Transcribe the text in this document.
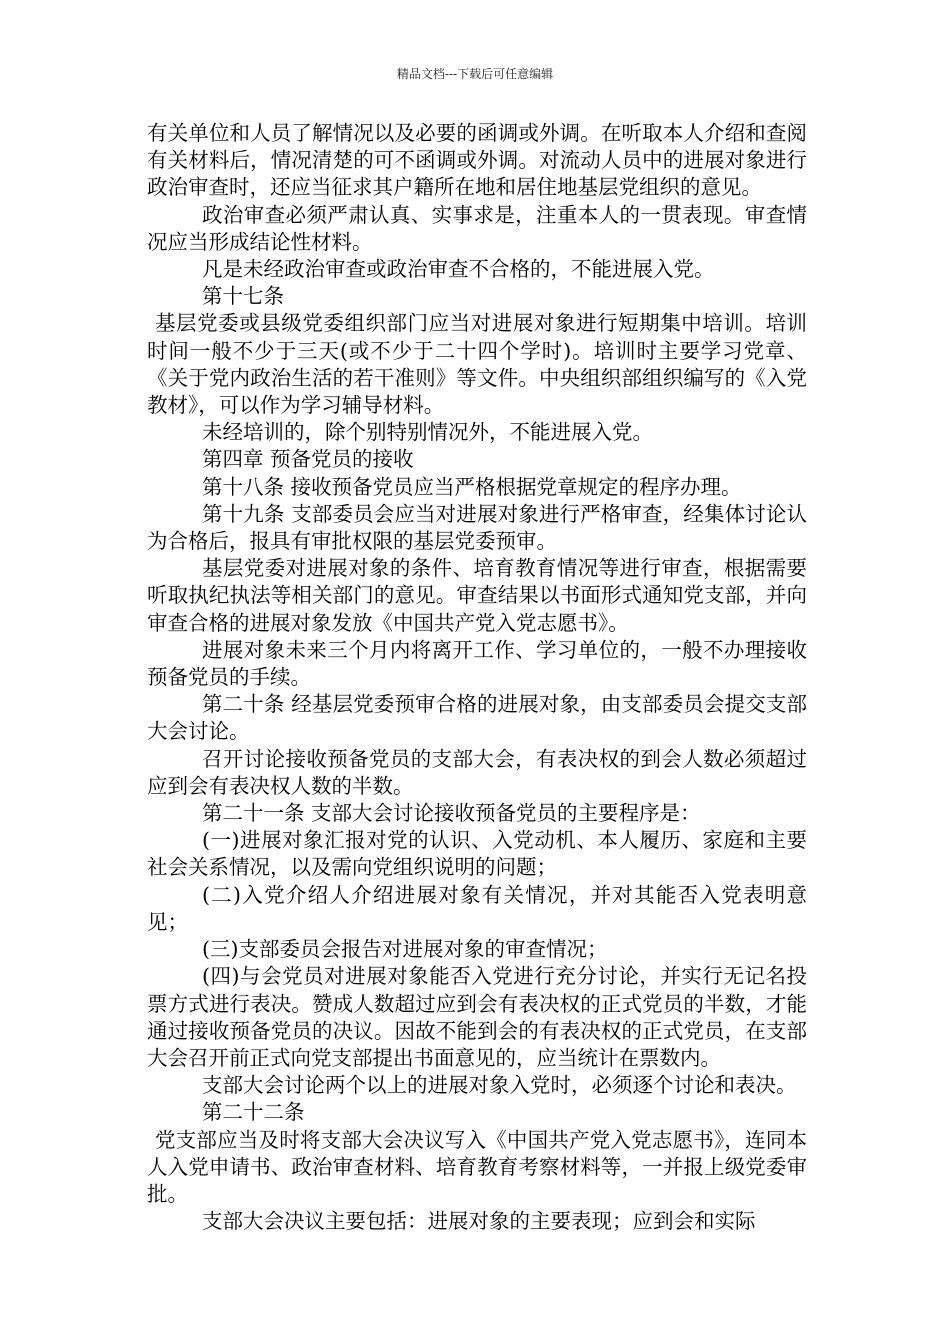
精品文档---下载后可任意编辑

有关单位和人员了解情况以及必要的函调或外调。在听取本人介绍和查阅有关材料后，情况清楚的可不函调或外调。对流动人员中的进展对象进行政治审查时，还应当征求其户籍所在地和居住地基层党组织的意见。

政治审查必须严肃认真、实事求是，注重本人的一贯表现。审查情况应当形成结论性材料。

凡是未经政治审查或政治审查不合格的，不能进展入党。

第十七条

基层党委或县级党委组织部门应当对进展对象进行短期集中培训。培训时间一般不少于三天(或不少于二十四个学时)。培训时主要学习党章、《关于党内政治生活的若干准则》等文件。中央组织部组织编写的《入党教材》，可以作为学习辅导材料。

未经培训的，除个别特别情况外，不能进展入党。

第四章 预备党员的接收

第十八条 接收预备党员应当严格根据党章规定的程序办理。

第十九条 支部委员会应当对进展对象进行严格审查，经集体讨论认为合格后，报具有审批权限的基层党委预审。

基层党委对进展对象的条件、培育教育情况等进行审查，根据需要听取执纪执法等相关部门的意见。审查结果以书面形式通知党支部，并向审查合格的进展对象发放《中国共产党入党志愿书》。

进展对象未来三个月内将离开工作、学习单位的，一般不办理接收预备党员的手续。

第二十条 经基层党委预审合格的进展对象，由支部委员会提交支部大会讨论。

召开讨论接收预备党员的支部大会，有表决权的到会人数必须超过应到会有表决权人数的半数。

第二十一条 支部大会讨论接收预备党员的主要程序是：

(一)进展对象汇报对党的认识、入党动机、本人履历、家庭和主要社会关系情况，以及需向党组织说明的问题；

(二)入党介绍人介绍进展对象有关情况，并对其能否入党表明意见；

(三)支部委员会报告对进展对象的审查情况；

(四)与会党员对进展对象能否入党进行充分讨论，并实行无记名投票方式进行表决。赞成人数超过应到会有表决权的正式党员的半数，才能通过接收预备党员的决议。因故不能到会的有表决权的正式党员，在支部大会召开前正式向党支部提出书面意见的，应当统计在票数内。

支部大会讨论两个以上的进展对象入党时，必须逐个讨论和表决。

第二十二条

党支部应当及时将支部大会决议写入《中国共产党入党志愿书》，连同本人入党申请书、政治审查材料、培育教育考察材料等，一并报上级党委审批。

支部大会决议主要包括：进展对象的主要表现；应到会和实际
